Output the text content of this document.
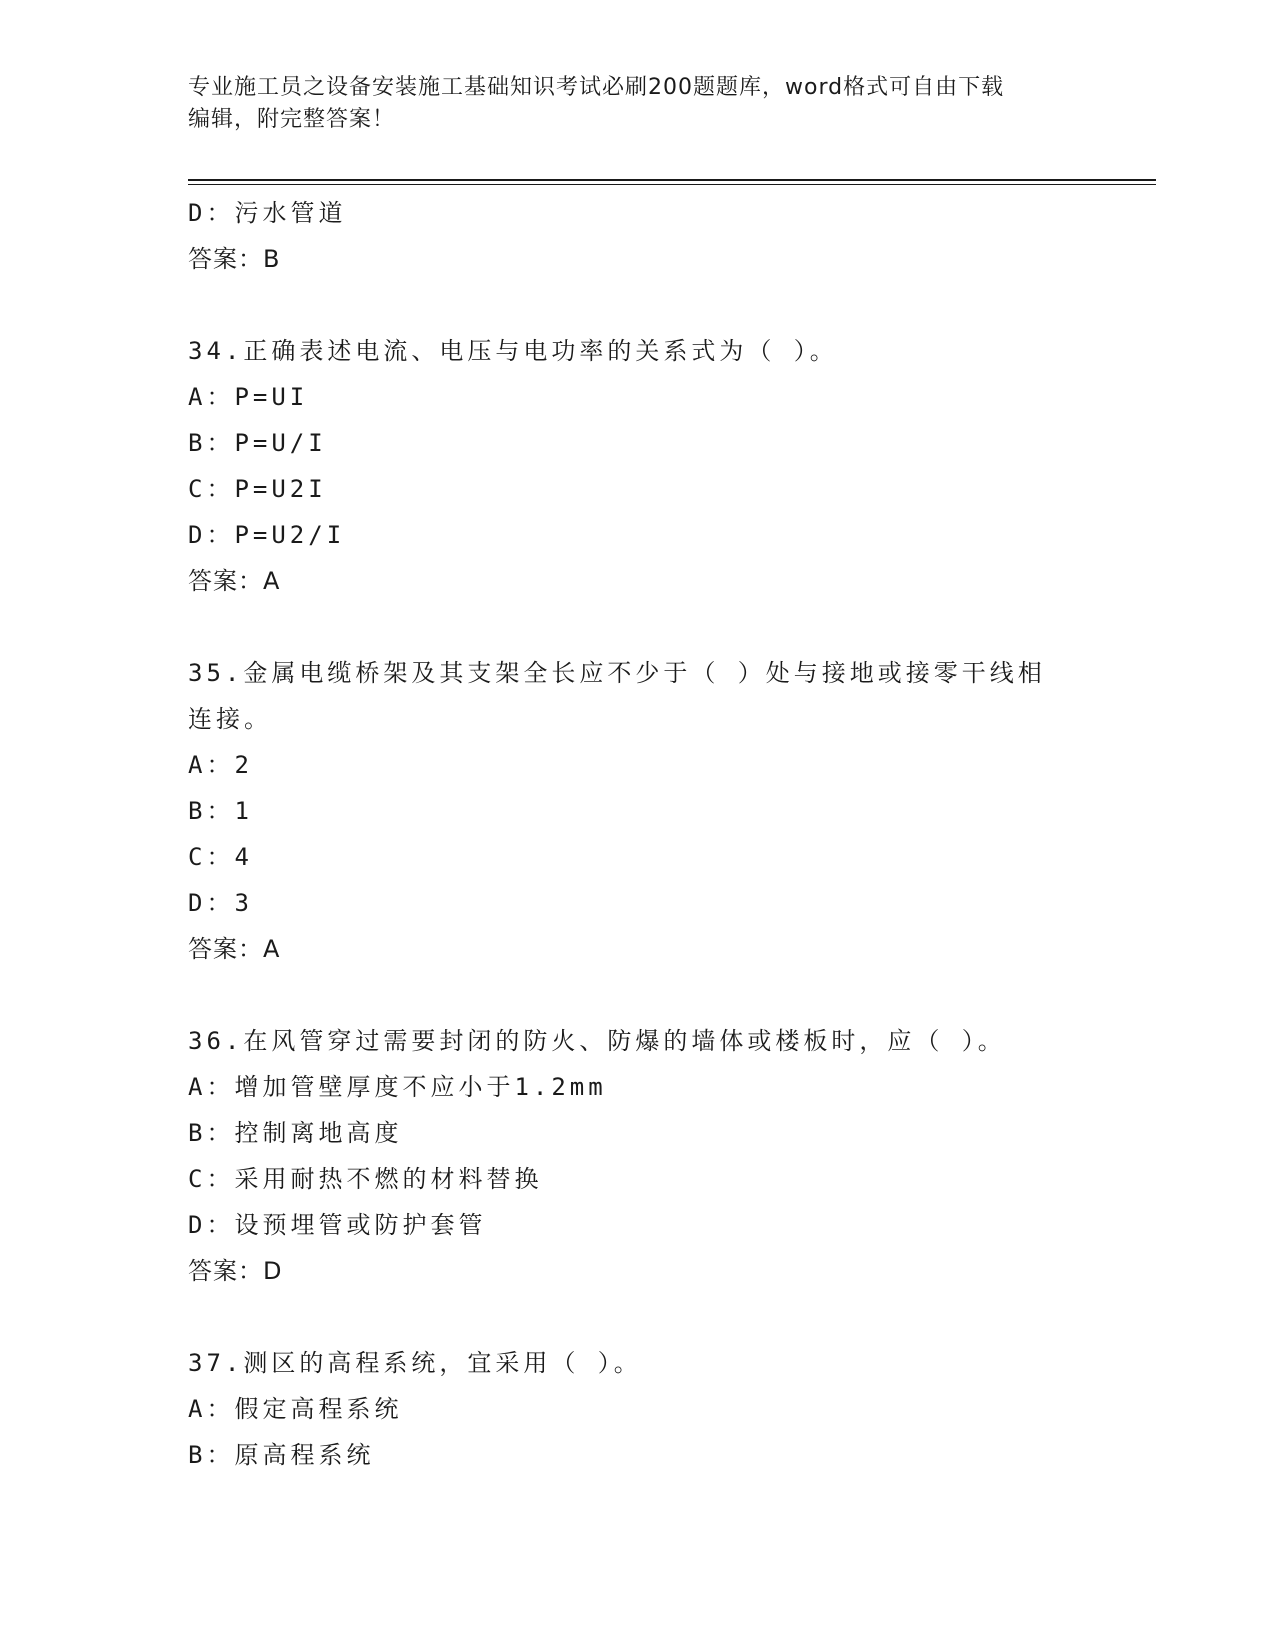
专业施工员之设备安装施工基础知识考试必刷200题题库，word格式可自由下载
编辑，附完整答案！
D：污水管道
答案：B
34.正确表述电流、电压与电功率的关系式为（ ）。
A：P=UI
B：P=U/I
C：P=U2I
D：P=U2/I
答案：A
35.金属电缆桥架及其支架全长应不少于（ ）处与接地或接零干线相
连接。
A：2
B：1
C：4
D：3
答案：A
36.在风管穿过需要封闭的防火、防爆的墙体或楼板时，应（ ）。
A：增加管壁厚度不应小于1.2mm
B：控制离地高度
C：采用耐热不燃的材料替换
D：设预埋管或防护套管
答案：D
37.测区的高程系统，宜采用（ ）。
A：假定高程系统
B：原高程系统
